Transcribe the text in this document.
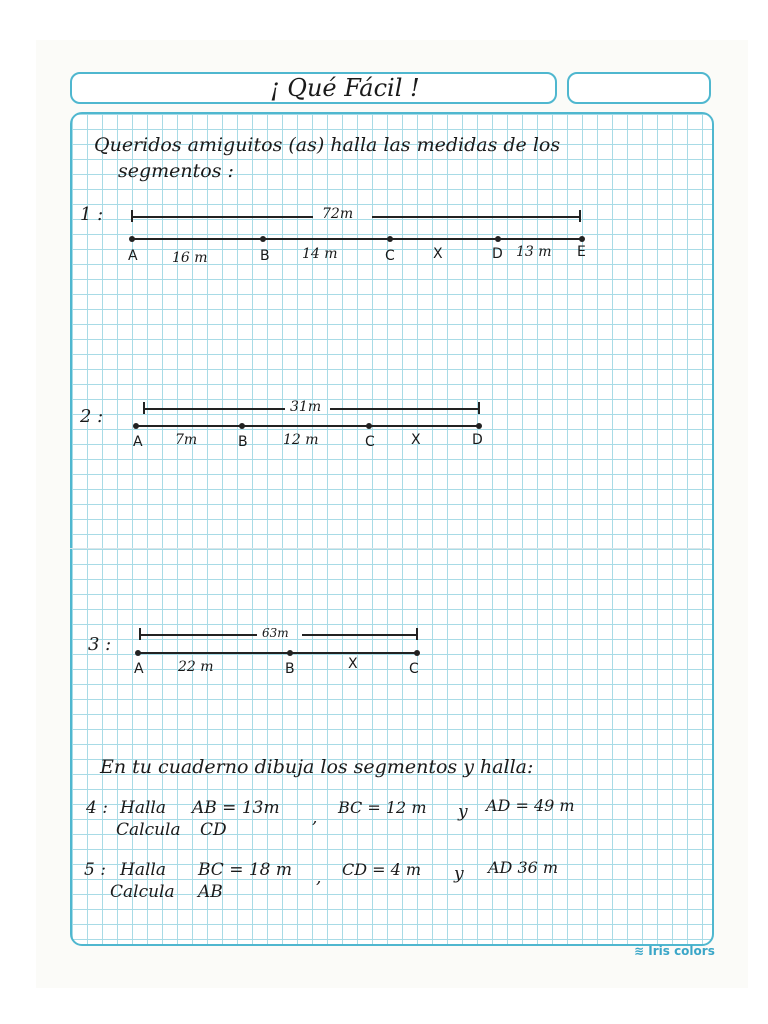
¡ Qué Fácil !
Queridos amiguitos (as) halla las medidas de los
segmentos :
1 :	72m
A	B	C	D	E
16 m	14 m	X	13 m
2 :	31m
A	B	C	D
7m	12 m	X
3 :
63m
A	B	C
22 m	X
En tu cuaderno dibuja los segmentos y halla:
4 : Halla AB = 13m ,
BC = 12 m y AD = 49 m
Calcula CD
5 : Halla BC = 18 m , CD = 4 m y AD 36 m
Calcula AB
≋ Iris colors
